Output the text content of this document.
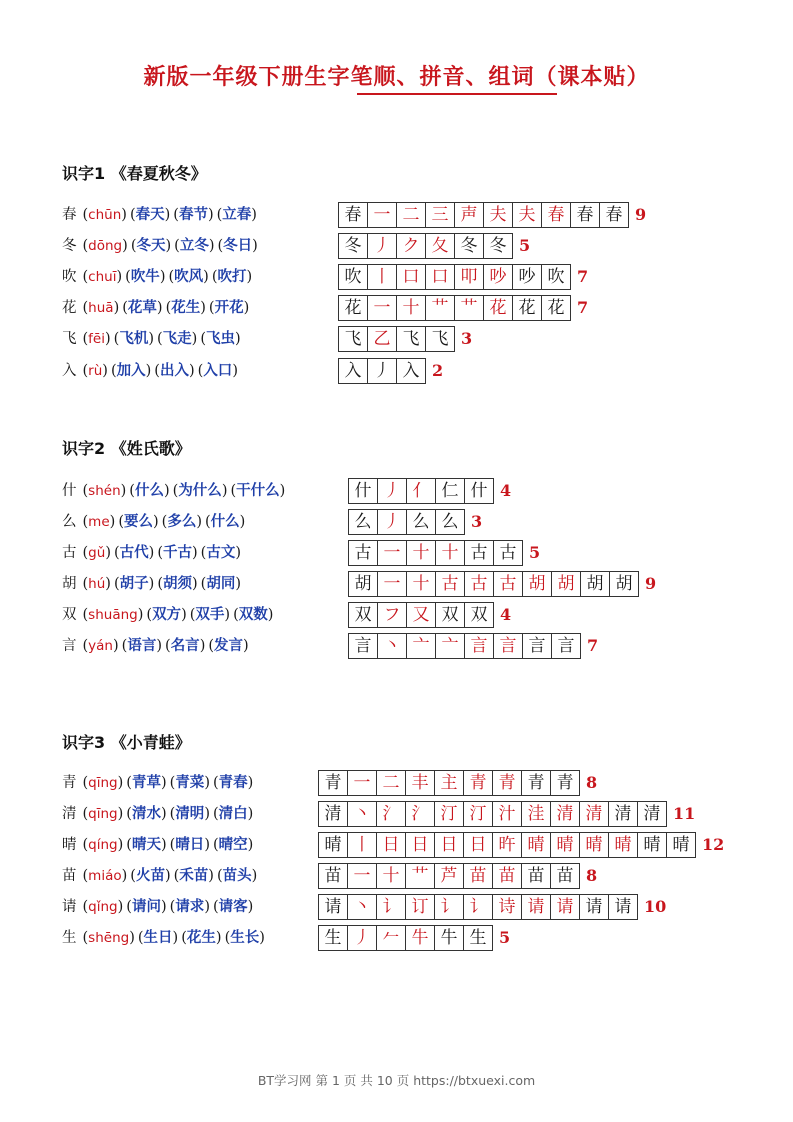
新版一年级下册生字笔顺、拼音、组词（课本贴）
识字1 《春夏秋冬》
春 (chūn) (春天) (春节) (立春)	春 一 二 三 声 夫 夫 春 春 春 9
冬 (dōng) (冬天) (立冬) (冬日)	冬 丿 ク 夂 冬 冬 5
吹 (chuī) (吹牛) (吹风) (吹打)	吹 丨 口 口 叩 吵 吵 吹 7
花 (huā) (花草) (花生) (开花)	花 一 十 艹 艹 花 花 花 7
飞 (fēi) (飞机) (飞走) (飞虫)	飞 乙 飞 飞 3
入 (rù) (加入) (出入) (入口)	入 丿 入 2
识字2 《姓氏歌》
什 (shén) (什么) (为什么) (干什么)	什 丿 亻 仁 什 4
么 (me) (要么) (多么) (什么)	么 丿 么 么 3
古 (gǔ) (古代) (千古) (古文)	古 一 十 十 古 古 5
胡 (hú) (胡子) (胡须) (胡同)	胡 一 十 古 古 古 胡 胡 胡 胡 9
双 (shuāng) (双方) (双手) (双数)	双 フ 又 双 双 4
言 (yán) (语言) (名言) (发言)	言 丶 亠 亠 言 言 言 言 7
识字3 《小青蛙》
青 (qīng) (青草) (青菜) (青春)	青 一 二 丰 主 青 青 青 青 8
清 (qīng) (清水) (清明) (清白)	清 丶 氵 氵 汀 汀 汁 洼 清 清 清 清 11
晴 (qíng) (晴天) (晴日) (晴空)	晴 丨 日 日 日 日 旿 晴 晴 晴 晴 晴 晴 12
苗 (miáo) (火苗) (禾苗) (苗头)	苗 一 十 艹 芦 苗 苗 苗 苗 8
请 (qǐng) (请问) (请求) (请客)	请 丶 讠 订 讠 讠 诗 请 请 请 请 10
生 (shēng) (生日) (花生) (生长)	生 丿 𠂉 牛 牛 生 5
BT学习网 第 1 页 共 10 页 https://btxuexi.com
